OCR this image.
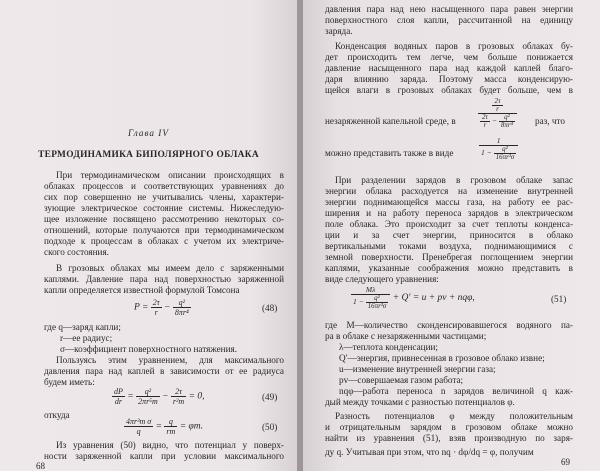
Глава IV
ТЕРМОДИНАМИКА БИПОЛЯРНОГО ОБЛАКА
При термодинамическом описании происходящих в
облаках процессов и соответствующих уравнениях до
сих пор совершенно не учитывались члены, характери-
зующие электрическое состояние системы. Нижеследую-
щее изложение посвящено рассмотрению некоторых со-
отношений, которые получаются при термодинамическом
подходе к процессам в облаках с учетом их электриче-
ского состояния.
В грозовых облаках мы имеем дело с заряженными
каплями. Давление пара над поверхностью заряженной
капли определяется известной формулой Томсона
$P = \frac{2\tau}{r} - \frac{\text{q²}}{\text{8πr⁴}}$	(48)
где q—заряд капли;
r—ее радиус;
σ—коэффициент поверхностного натяжения.
Пользуясь этим уравнением, для максимального
давления пара над каплей в зависимости от ее радиуса
будем иметь:
$\frac{dP}{dr} = \frac{\text{q²}}{\text{2πr⁵m}} - \frac{2\tau}{\text{r²m}} = 0$,	(49)
откуда
$\frac{\text{4πr³m σ}}{q} = \frac{q}{rm} = \varphi m$.	(50)
Из уравнения (50) видно, что потенциал у поверх-
ности заряженной капли при условии максимального
68
давления пара над нею насыщенного пара равен энергии
поверхностного слоя капли, рассчитанной на единицу
заряда.
Конденсация водяных паров в грозовых облаках бу-
дет происходить тем легче, чем больше понижается
давление насыщенного пара над каждой каплей благо-
даря влиянию заряда. Поэтому масса конденсирую-
щейся влаги в грозовых облаках будет больше, чем в
незаряженной капельной среде, в	$\frac{\frac{2\tau}{r}}{\frac{2\tau}{r} - \frac{\text{q²}}{\text{8πr⁴}}}$ раз, что
можно представить также в виде	$\frac{1}{1 - \frac{\text{q²}}{\text{16πr³σ}}}$
При разделении зарядов в грозовом облаке запас
энергии облака расходуется на изменение внутренней
энергии поднимающейся массы газа, на работу ее рас-
ширения и на работу переноса зарядов в электрическом
поле облака. Это происходит за счет теплоты конденса-
ции и за счет энергии, приносится в облако
вертикальными токами воздуха, поднимающимися с
земной поверхности. Пренебрегая поглощением энергии
каплями, указанные соображения можно представить в
виде следующего уравнения:
$\frac{M\lambda}{1 - \frac{\text{q²}}{\text{16πr³σ}}} + Q' = u$ + pv + nqφ,	(51)
где M—количество сконденсировавшегося водяного па-
ра в облаке с незаряженными частицами;
λ—теплота конденсации;
Q′—энергия, привнесенная в грозовое облако извне;
u—изменение внутренней энергии газа;
pv—совершаемая газом работа;
nqφ—работа переноса n зарядов величиной q каж-
дый между точками с разностью потенциалов φ.
Разность потенциалов φ между положительным
и отрицательным зарядом в грозовом облаке можно
найти из уравнения (51), взяв производную по заря-
ду q. Учитывая при этом, что nq · dφ/dq = φ, получим
69
